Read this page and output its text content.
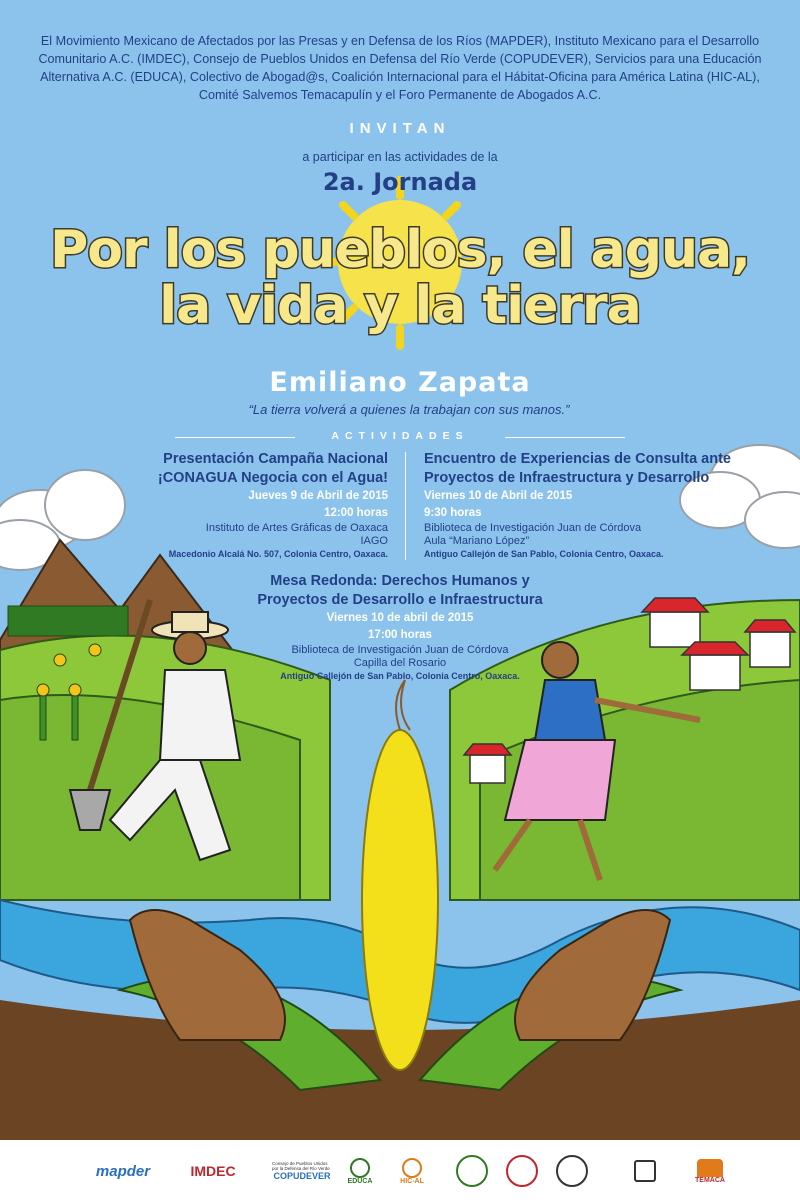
El Movimiento Mexicano de Afectados por las Presas y en Defensa de los Ríos (MAPDER), Instituto Mexicano para el Desarrollo Comunitario A.C. (IMDEC), Consejo de Pueblos Unidos en Defensa del Río Verde (COPUDEVER), Servicios para una Educación Alternativa A.C. (EDUCA), Colectivo de Abogad@s, Coalición Internacional para el Hábitat-Oficina para América Latina (HIC-AL), Comité Salvemos Temacapulín y el Foro Permanente de Abogados A.C.
INVITAN
a participar en las actividades de la
2a. Jornada
Por los pueblos, el agua,
la vida y la tierra
Emiliano Zapata
“La tierra volverá a quienes la trabajan con sus manos.”
ACTIVIDADES
Presentación Campaña Nacional
¡CONAGUA Negocia con el Agua!
Jueves 9 de Abril de 2015
12:00 horas
Instituto de Artes Gráficas de Oaxaca
IAGO
Macedonio Alcalá No. 507, Colonia Centro, Oaxaca.
Encuentro de Experiencias de Consulta ante
Proyectos de Infraestructura y Desarrollo
Viernes 10 de Abril de 2015
9:30 horas
Biblioteca de Investigación Juan de Córdova
Aula “Mariano López”
Antiguo Callejón de San Pablo, Colonia Centro, Oaxaca.
Mesa Redonda: Derechos Humanos y
Proyectos de Desarrollo e Infraestructura
Viernes 10 de abril de 2015
17:00 horas
Biblioteca de Investigación Juan de Córdova
Capilla del Rosario
Antiguo Callejón de San Pablo, Colonia Centro, Oaxaca.
mapder	IMDEC	Consejo de Pueblos Unidos por la Defensa del Río Verde
COPUDEVER EDUCA	HIC-AL	TEMACA
